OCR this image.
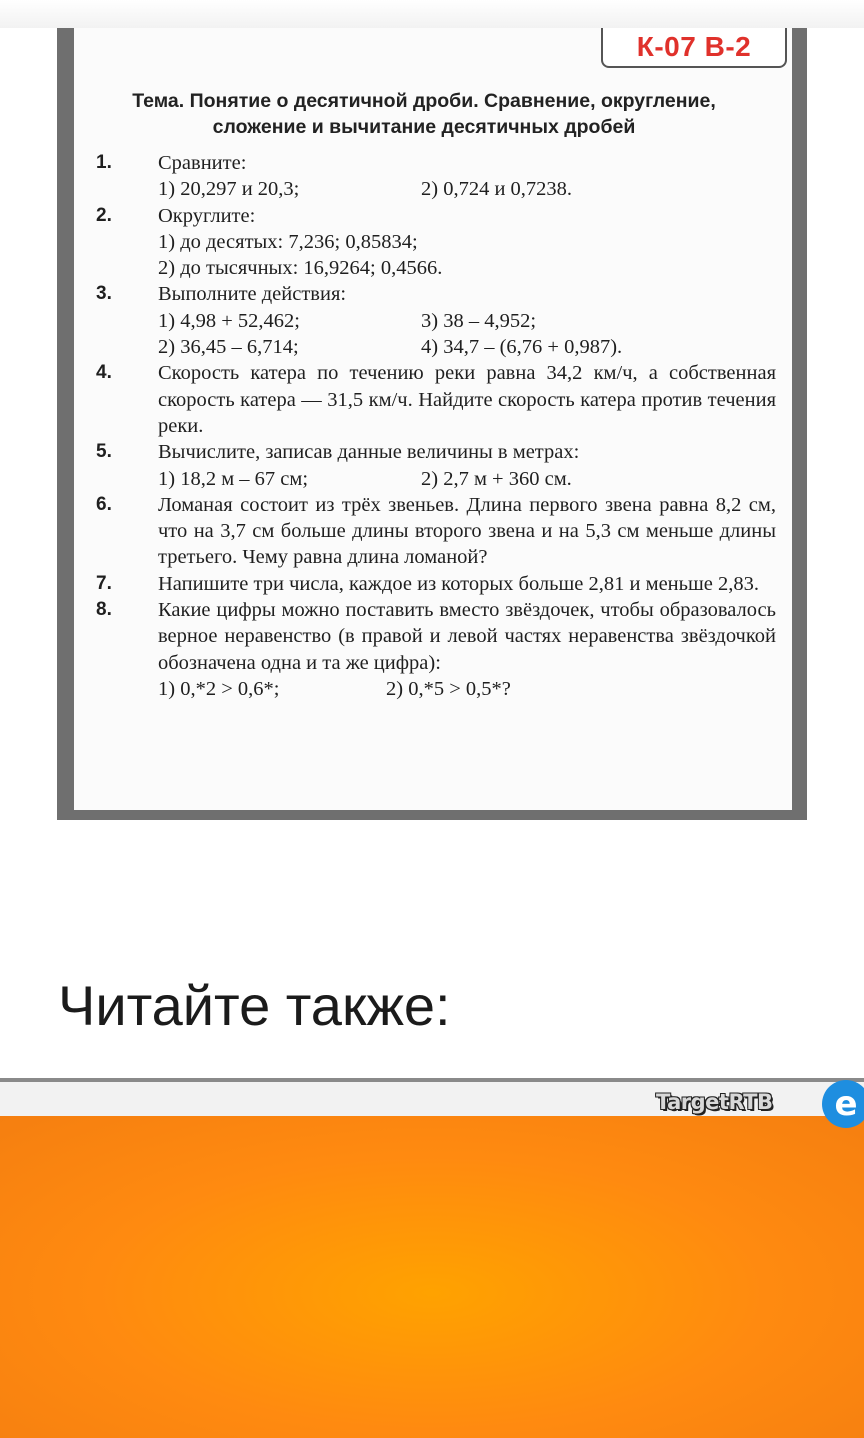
К-07 В-2
Тема. Понятие о десятичной дроби. Сравнение, округление,
сложение и вычитание десятичных дробей
1. Сравните:
1) 20,297 и 20,3;	2) 0,724 и 0,7238.
2. Округлите:
1) до десятых: 7,236; 0,85834;
2) до тысячных: 16,9264; 0,4566.
3. Выполните действия:
1) 4,98 + 52,462;	3) 38 – 4,952;
2) 36,45 – 6,714;	4) 34,7 – (6,76 + 0,987).
4. Скорость катера по течению реки равна 34,2 км/ч, а собственная скорость катера — 31,5 км/ч. Найдите скорость катера против течения реки.
5. Вычислите, записав данные величины в метрах:
1) 18,2 м – 67 см;	2) 2,7 м + 360 см.
6. Ломаная состоит из трёх звеньев. Длина первого звена равна 8,2 см, что на 3,7 см больше длины второго звена и на 5,3 см меньше длины третьего. Чему равна длина ломаной?
7. Напишите три числа, каждое из которых больше 2,81 и меньше 2,83.
8. Какие цифры можно поставить вместо звёздочек, чтобы образовалось верное неравенство (в правой и левой частях неравенства звёздочкой обозначена одна и та же цифра):
1) 0,*2 > 0,6*;	2) 0,*5 > 0,5*?
Читайте также:
TargetRTB	e
